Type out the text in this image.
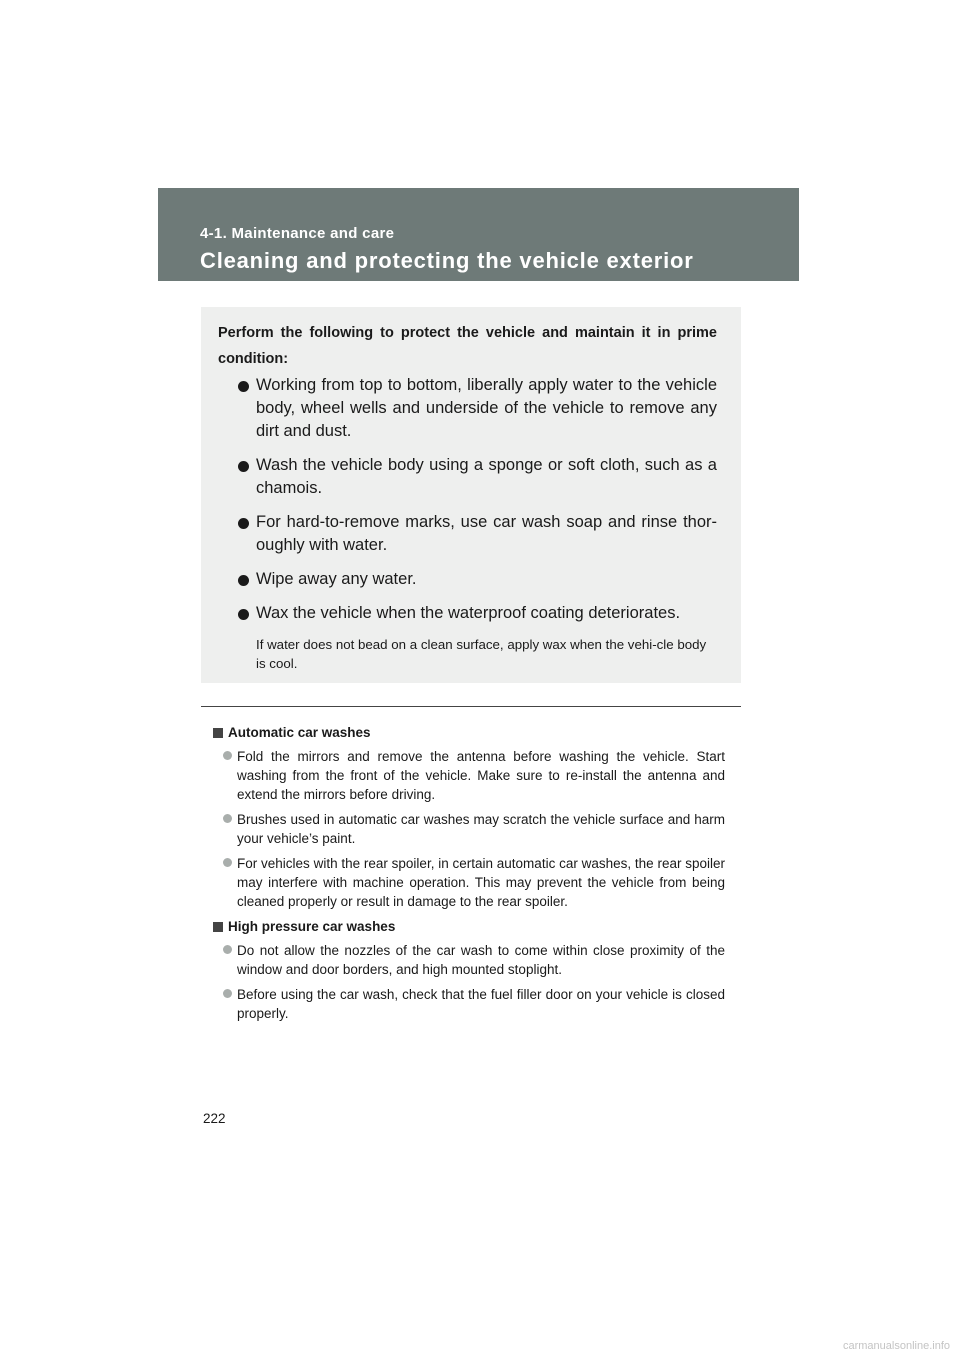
4-1. Maintenance and care
Cleaning and protecting the vehicle exterior

Perform the following to protect the vehicle and maintain it in prime condition:

Working from top to bottom, liberally apply water to the vehicle body, wheel wells and underside of the vehicle to remove any dirt and dust.
Wash the vehicle body using a sponge or soft cloth, such as a chamois.
For hard-to-remove marks, use car wash soap and rinse thor-oughly with water.
Wipe away any water.
Wax the vehicle when the waterproof coating deteriorates.
If water does not bead on a clean surface, apply wax when the vehi-cle body is cool.
Automatic car washes
Fold the mirrors and remove the antenna before washing the vehicle. Start washing from the front of the vehicle. Make sure to re-install the antenna and extend the mirrors before driving.
Brushes used in automatic car washes may scratch the vehicle surface and harm your vehicle’s paint.
For vehicles with the rear spoiler, in certain automatic car washes, the rear spoiler may interfere with machine operation. This may prevent the vehicle from being cleaned properly or result in damage to the rear spoiler.
High pressure car washes
Do not allow the nozzles of the car wash to come within close proximity of the window and door borders, and high mounted stoplight.
Before using the car wash, check that the fuel filler door on your vehicle is closed properly.
222
carmanualsonline.info
